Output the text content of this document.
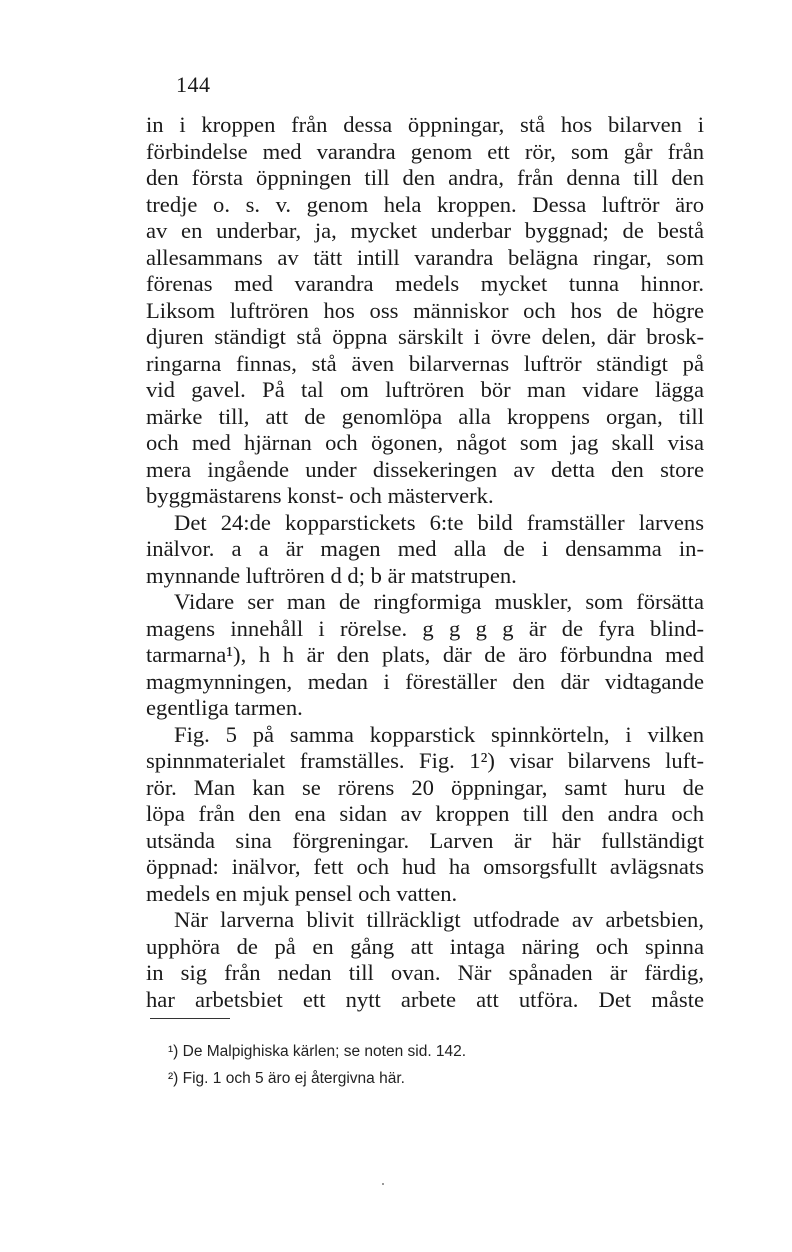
144
in i kroppen från dessa öppningar, stå hos bilarven i
förbindelse med varandra genom ett rör, som går från
den första öppningen till den andra, från denna till den
tredje o. s. v. genom hela kroppen. Dessa luftrör äro
av en underbar, ja, mycket underbar byggnad; de bestå
allesammans av tätt intill varandra belägna ringar, som
förenas med varandra medels mycket tunna hinnor.
Liksom luftrören hos oss människor och hos de högre
djuren ständigt stå öppna särskilt i övre delen, där brosk-
ringarna finnas, stå även bilarvernas luftrör ständigt på
vid gavel. På tal om luftrören bör man vidare lägga
märke till, att de genomlöpa alla kroppens organ, till
och med hjärnan och ögonen, något som jag skall visa
mera ingående under dissekeringen av detta den store
byggmästarens konst- och mästerverk.
Det 24:de kopparstickets 6:te bild framställer larvens
inälvor. a a är magen med alla de i densamma in-
mynnande luftrören d d; b är matstrupen.
Vidare ser man de ringformiga muskler, som försätta
magens innehåll i rörelse. g g g g är de fyra blind-
tarmarna¹), h h är den plats, där de äro förbundna med
magmynningen, medan i föreställer den där vidtagande
egentliga tarmen.
Fig. 5 på samma kopparstick spinnkörteln, i vilken
spinnmaterialet framställes. Fig. 1²) visar bilarvens luft-
rör. Man kan se rörens 20 öppningar, samt huru de
löpa från den ena sidan av kroppen till den andra och
utsända sina förgreningar. Larven är här fullständigt
öppnad: inälvor, fett och hud ha omsorgsfullt avlägsnats
medels en mjuk pensel och vatten.
När larverna blivit tillräckligt utfodrade av arbetsbien,
upphöra de på en gång att intaga näring och spinna
in sig från nedan till ovan. När spånaden är färdig,
har arbetsbiet ett nytt arbete att utföra. Det måste
¹) De Malpighiska kärlen; se noten sid. 142.
²) Fig. 1 och 5 äro ej återgivna här.
